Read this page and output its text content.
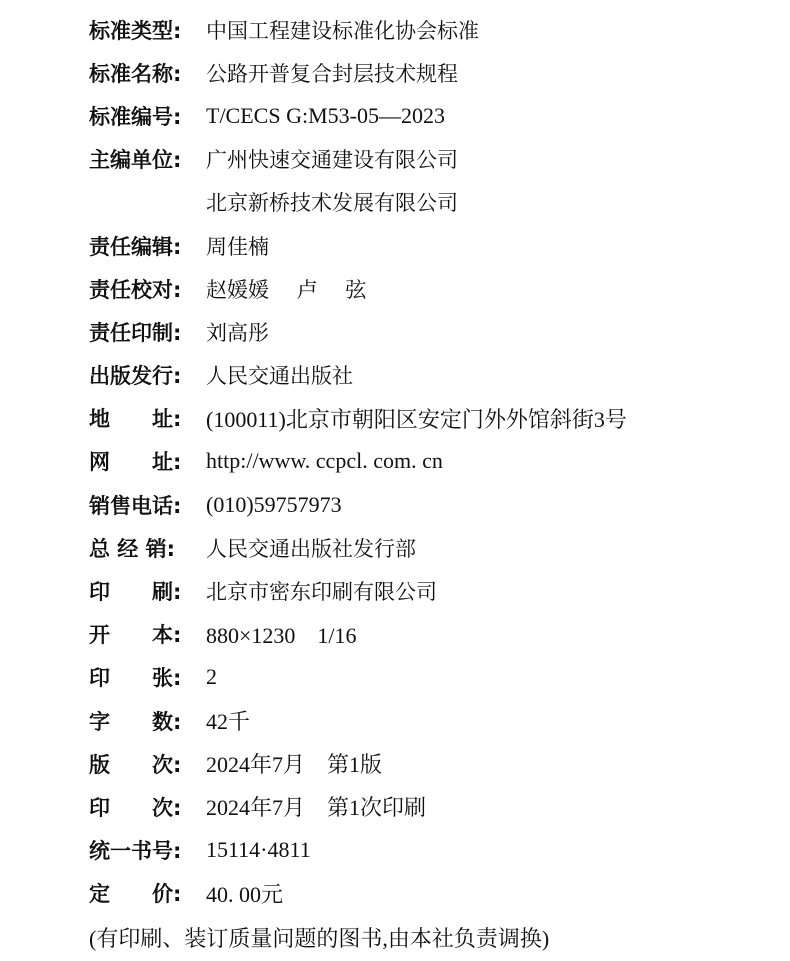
标准类型:	中国工程建设标准化协会标准
标准名称:	公路开普复合封层技术规程
标准编号:	T/CECS G:M53-05—2023
主编单位:	广州快速交通建设有限公司
北京新桥技术发展有限公司
责任编辑:	周佳楠
责任校对:	赵媛媛　 卢　 弦
责任印制:	刘高彤
出版发行:	人民交通出版社
地　　址:	(100011)北京市朝阳区安定门外外馆斜街3号
网　　址:	http://www. ccpcl. com. cn
销售电话:	(010)59757973
总 经 销:	人民交通出版社发行部
印　　刷:	北京市密东印刷有限公司
开　　本:	880×1230　1/16
印　　张:	2
字　　数:	42千
版　　次:	2024年7月　第1版
印　　次:	2024年7月　第1次印刷
统一书号:	15114·4811
定　　价:	40. 00元
(有印刷、装订质量问题的图书,由本社负责调换)
